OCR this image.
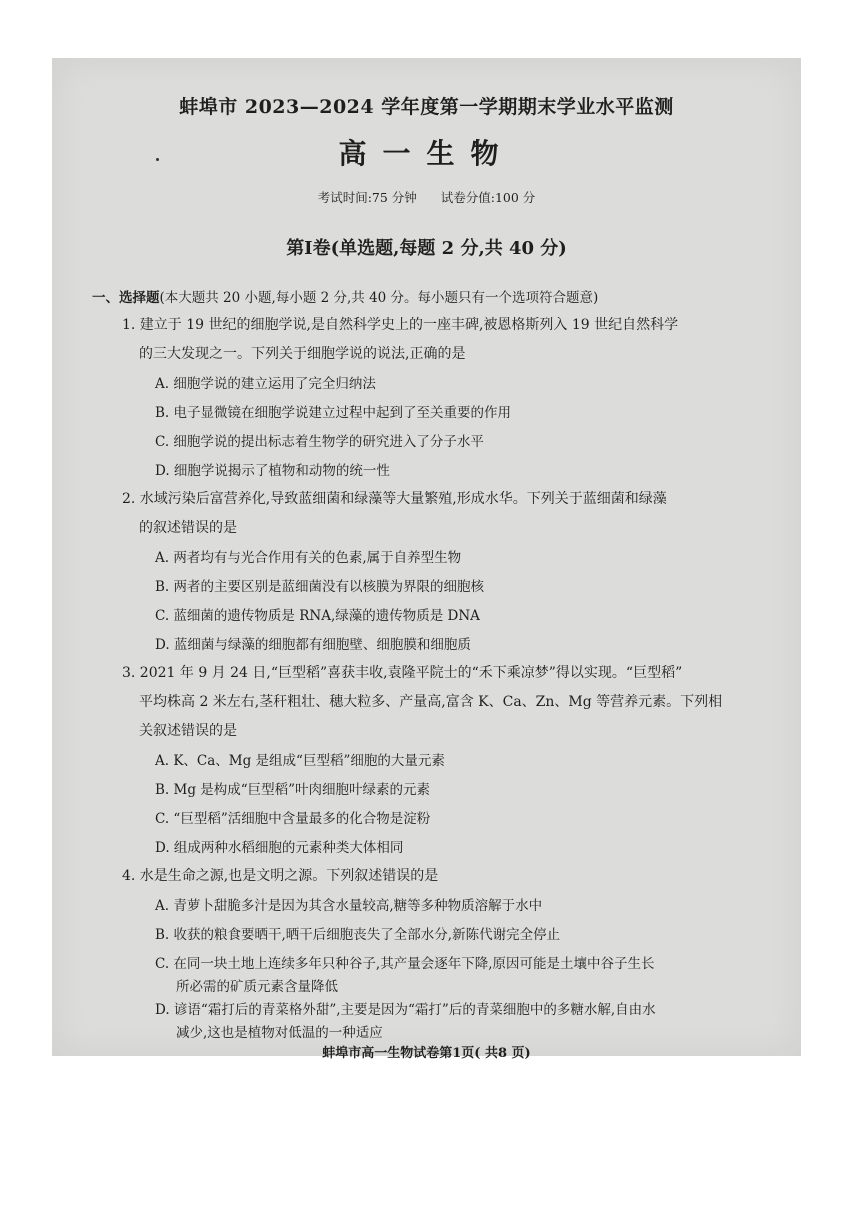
蚌埠市 2023—2024 学年度第一学期期末学业水平监测
高一生物
考试时间:75 分钟 试卷分值:100 分
第Ⅰ卷(单选题,每题 2 分,共 40 分)
一、选择题(本大题共 20 小题,每小题 2 分,共 40 分。每小题只有一个选项符合题意)
1. 建立于 19 世纪的细胞学说,是自然科学史上的一座丰碑,被恩格斯列入 19 世纪自然科学
的三大发现之一。下列关于细胞学说的说法,正确的是
A. 细胞学说的建立运用了完全归纳法
B. 电子显微镜在细胞学说建立过程中起到了至关重要的作用
C. 细胞学说的提出标志着生物学的研究进入了分子水平
D. 细胞学说揭示了植物和动物的统一性
2. 水域污染后富营养化,导致蓝细菌和绿藻等大量繁殖,形成水华。下列关于蓝细菌和绿藻
的叙述错误的是
A. 两者均有与光合作用有关的色素,属于自养型生物
B. 两者的主要区别是蓝细菌没有以核膜为界限的细胞核
C. 蓝细菌的遗传物质是 RNA,绿藻的遗传物质是 DNA
D. 蓝细菌与绿藻的细胞都有细胞壁、细胞膜和细胞质
3. 2021 年 9 月 24 日,“巨型稻”喜获丰收,袁隆平院士的“禾下乘凉梦”得以实现。“巨型稻”
平均株高 2 米左右,茎秆粗壮、穗大粒多、产量高,富含 K、Ca、Zn、Mg 等营养元素。下列相
关叙述错误的是
A. K、Ca、Mg 是组成“巨型稻”细胞的大量元素
B. Mg 是构成“巨型稻”叶肉细胞叶绿素的元素
C. “巨型稻”活细胞中含量最多的化合物是淀粉
D. 组成两种水稻细胞的元素种类大体相同
4. 水是生命之源,也是文明之源。下列叙述错误的是
A. 青萝卜甜脆多汁是因为其含水量较高,糖等多种物质溶解于水中
B. 收获的粮食要晒干,晒干后细胞丧失了全部水分,新陈代谢完全停止
C. 在同一块土地上连续多年只种谷子,其产量会逐年下降,原因可能是土壤中谷子生长
所必需的矿质元素含量降低
D. 谚语“霜打后的青菜格外甜”,主要是因为“霜打”后的青菜细胞中的多糖水解,自由水
减少,这也是植物对低温的一种适应
蚌埠市高一生物试卷第1页( 共8 页)
